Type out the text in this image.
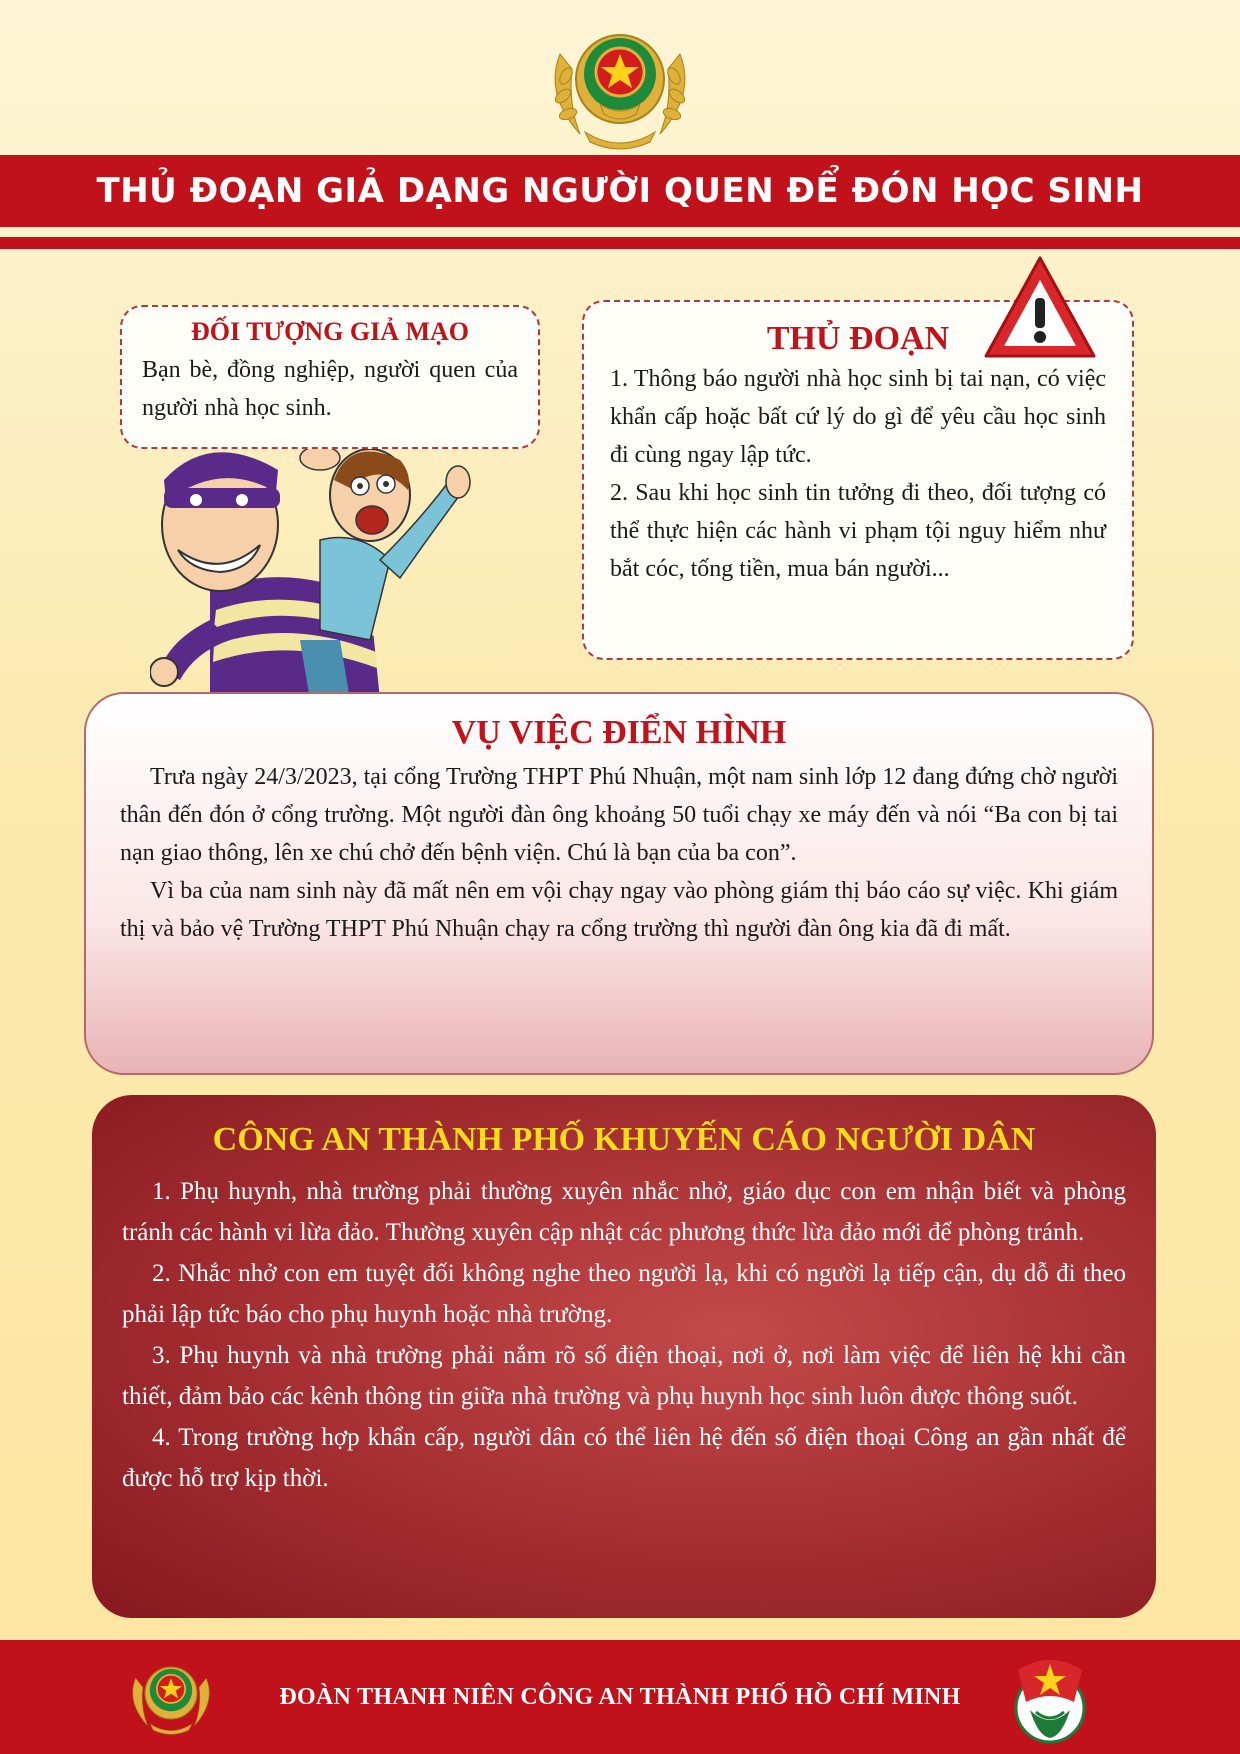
THỦ ĐOẠN GIẢ DẠNG NGƯỜI QUEN ĐỂ ĐÓN HỌC SINH
ĐỐI TƯỢNG GIẢ MẠO
Bạn bè, đồng nghiệp, người quen của người nhà học sinh.
THỦ ĐOẠN

1. Thông báo người nhà học sinh bị tai nạn, có việc khẩn cấp hoặc bất cứ lý do gì để yêu cầu học sinh đi cùng ngay lập tức.

2. Sau khi học sinh tin tưởng đi theo, đối tượng có thể thực hiện các hành vi phạm tội nguy hiểm như bắt cóc, tống tiền, mua bán người...

VỤ VIỆC ĐIỂN HÌNH

Trưa ngày 24/3/2023, tại cổng Trường THPT Phú Nhuận, một nam sinh lớp 12 đang đứng chờ người thân đến đón ở cổng trường. Một người đàn ông khoảng 50 tuổi chạy xe máy đến và nói “Ba con bị tai nạn giao thông, lên xe chú chở đến bệnh viện. Chú là bạn của ba con”.

Vì ba của nam sinh này đã mất nên em vội chạy ngay vào phòng giám thị báo cáo sự việc. Khi giám thị và bảo vệ Trường THPT Phú Nhuận chạy ra cổng trường thì người đàn ông kia đã đi mất.

CÔNG AN THÀNH PHỐ KHUYẾN CÁO NGƯỜI DÂN

1. Phụ huynh, nhà trường phải thường xuyên nhắc nhở, giáo dục con em nhận biết và phòng tránh các hành vi lừa đảo. Thường xuyên cập nhật các phương thức lừa đảo mới để phòng tránh.

2. Nhắc nhở con em tuyệt đối không nghe theo người lạ, khi có người lạ tiếp cận, dụ dỗ đi theo phải lập tức báo cho phụ huynh hoặc nhà trường.

3. Phụ huynh và nhà trường phải nắm rõ số điện thoại, nơi ở, nơi làm việc để liên hệ khi cần thiết, đảm bảo các kênh thông tin giữa nhà trường và phụ huynh học sinh luôn được thông suốt.

4. Trong trường hợp khẩn cấp, người dân có thể liên hệ đến số điện thoại Công an gần nhất để được hỗ trợ kịp thời.

ĐOÀN THANH NIÊN CÔNG AN THÀNH PHỐ HỒ CHÍ MINH
